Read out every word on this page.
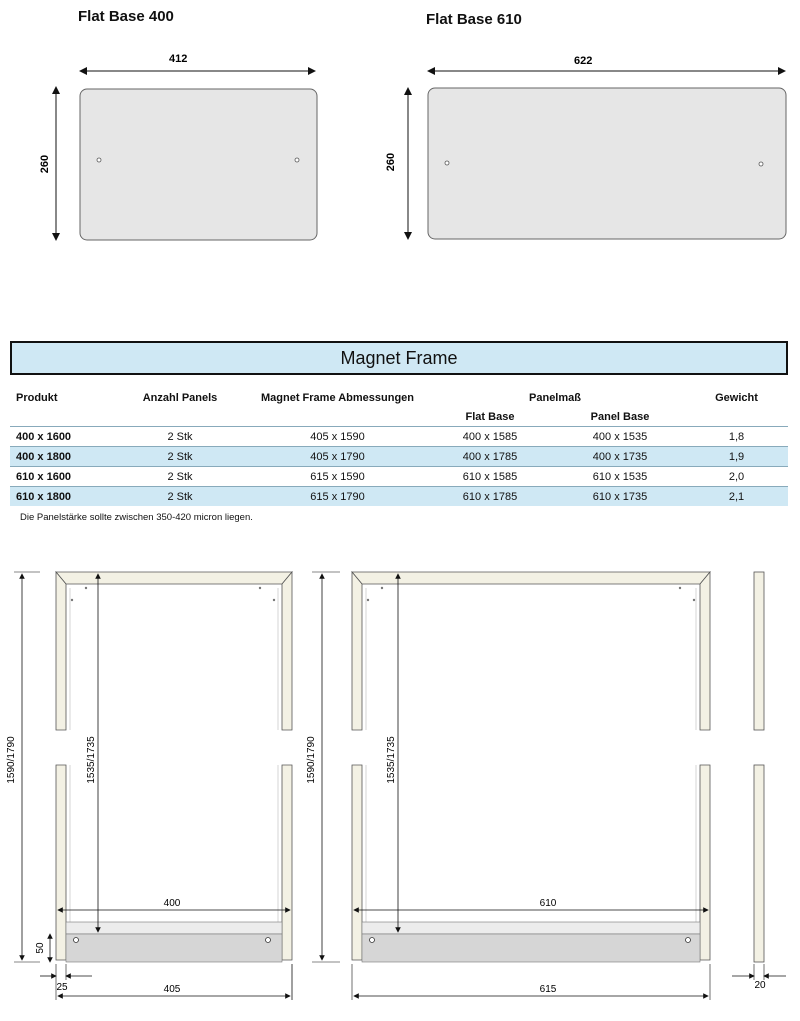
Flat Base 400	Flat Base 610
412
260
622
260
Magnet Frame
Produkt	Anzahl Panels	Magnet Frame Abmessungen	Panelmaß		Gewicht
			Flat Base	Panel Base	
400 x 1600	2 Stk	405 x 1590	400 x 1585	400 x 1535	1,8
400 x 1800	2 Stk	405 x 1790	400 x 1785	400 x 1735	1,9
610 x 1600	2 Stk	615 x 1590	610 x 1585	610 x 1535	2,0
610 x 1800	2 Stk	615 x 1790	610 x 1785	610 x 1735	2,1
Die Panelstärke sollte zwischen 350-420 micron liegen.
1590/1790	1535/1735
400
50
25	405
1590/1790	1535/1735
610
615	20
